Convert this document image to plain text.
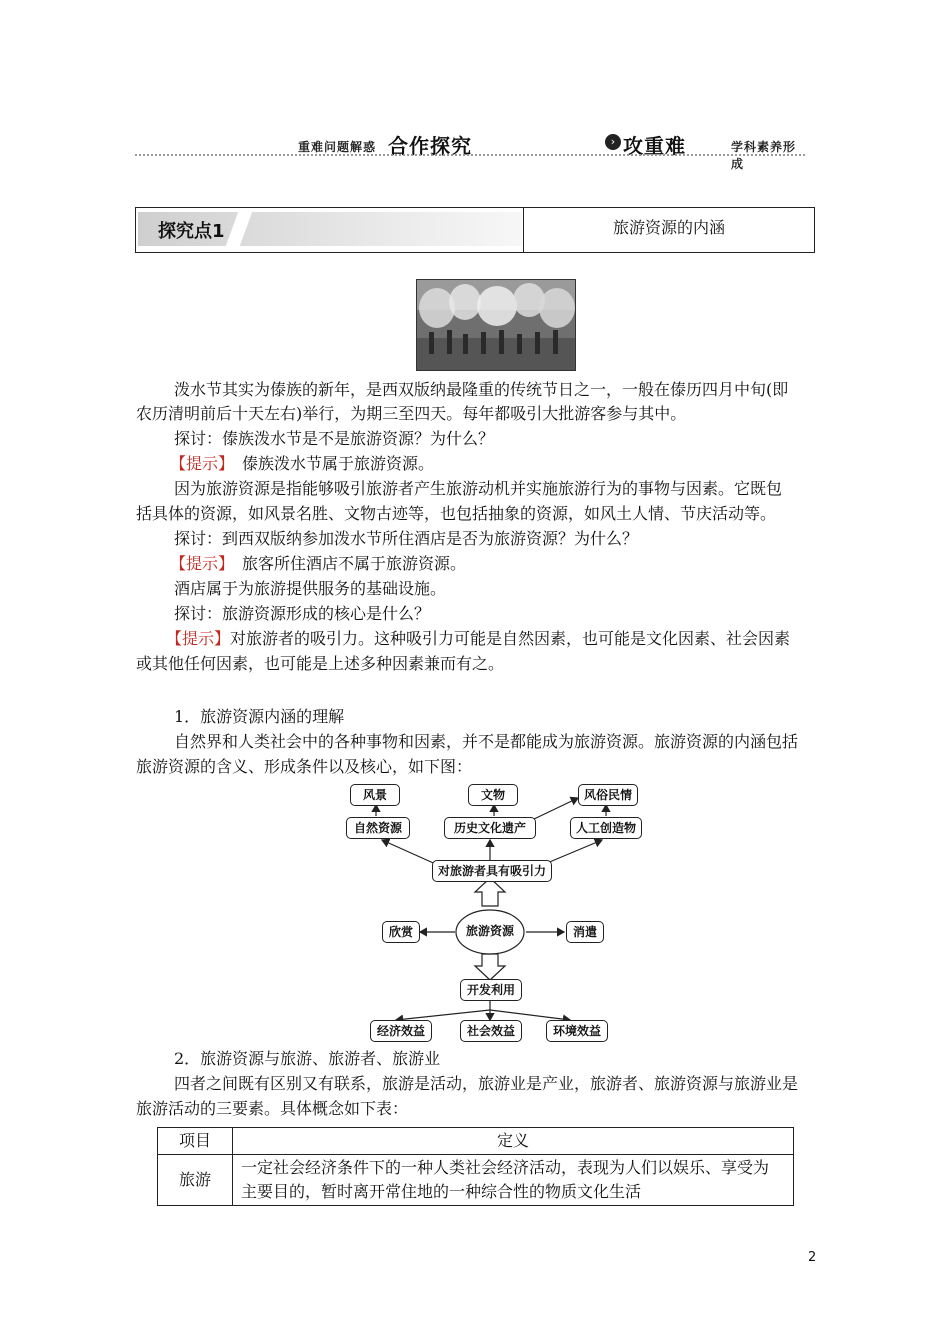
重难问题解惑 合作探究	› 攻重难	学科素养形成
探究点1	旅游资源的内涵

泼水节其实为傣族的新年，是西双版纳最隆重的传统节日之一，一般在傣历四月中旬(即

农历清明前后十天左右)举行，为期三至四天。每年都吸引大批游客参与其中。

探讨：傣族泼水节是不是旅游资源？为什么？

【提示】　傣族泼水节属于旅游资源。

因为旅游资源是指能够吸引旅游者产生旅游动机并实施旅游行为的事物与因素。它既包

括具体的资源，如风景名胜、文物古迹等，也包括抽象的资源，如风土人情、节庆活动等。

探讨：到西双版纳参加泼水节所住酒店是否为旅游资源？为什么？

【提示】　旅客所住酒店不属于旅游资源。

酒店属于为旅游提供服务的基础设施。

探讨：旅游资源形成的核心是什么？

【提示】对旅游者的吸引力。这种吸引力可能是自然因素，也可能是文化因素、社会因素

或其他任何因素，也可能是上述多种因素兼而有之。

1．旅游资源内涵的理解

自然界和人类社会中的各种事物和因素，并不是都能成为旅游资源。旅游资源的内涵包括

旅游资源的含义、形成条件以及核心，如下图：

风景	文物	风俗民情
自然资源	历史文化遗产	人工创造物
对旅游者具有吸引力
欣赏	旅游资源	消遣
开发利用
经济效益	社会效益	环境效益

2．旅游资源与旅游、旅游者、旅游业

四者之间既有区别又有联系，旅游是活动，旅游业是产业，旅游者、旅游资源与旅游业是

旅游活动的三要素。具体概念如下表：

项目	定义
旅游	一定社会经济条件下的一种人类社会经济活动，表现为人们以娱乐、享受为
主要目的，暂时离开常住地的一种综合性的物质文化生活
2
